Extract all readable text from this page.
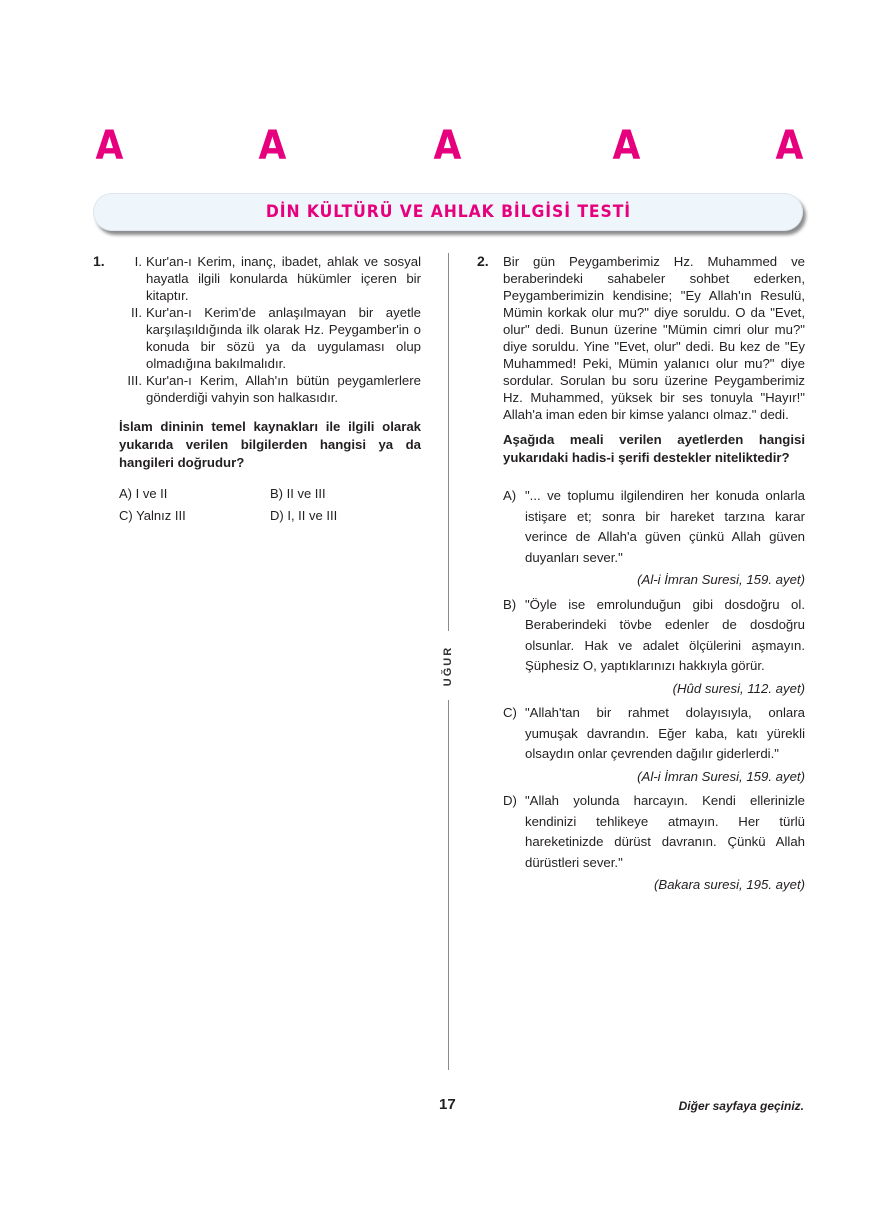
A	A	A	A	A
DİN KÜLTÜRÜ VE AHLAK BİLGİSİ TESTİ
UĞUR
1.	I. Kur'an-ı Kerim, inanç, ibadet, ahlak ve sosyal hayatla ilgili konularda hükümler içeren bir kitaptır.
II. Kur'an-ı Kerim'de anlaşılmayan bir ayetle karşılaşıldığında ilk olarak Hz. Peygamber'in o konuda bir sözü ya da uygulaması olup olmadığına bakılmalıdır.
III. Kur'an-ı Kerim, Allah'ın bütün peygamlerlere gönderdiği vahyin son halkasıdır.
İslam dininin temel kaynakları ile ilgili olarak yukarıda verilen bilgilerden hangisi ya da hangileri doğrudur?
A) I ve II	B) II ve III
C) Yalnız III	D) I, II ve III
2. Bir gün Peygamberimiz Hz. Muhammed ve beraberindeki sahabeler sohbet ederken, Peygamberimizin kendisine; "Ey Allah'ın Resulü, Mümin korkak olur mu?" diye soruldu. O da "Evet, olur" dedi. Bunun üzerine "Mümin cimri olur mu?" diye soruldu. Yine "Evet, olur" dedi. Bu kez de "Ey Muhammed! Peki, Mümin yalanıcı olur mu?" diye sordular. Sorulan bu soru üzerine Peygamberimiz Hz. Muhammed, yüksek bir ses tonuyla "Hayır!" Allah'a iman eden bir kimse yalancı olmaz." dedi.
Aşağıda meali verilen ayetlerden hangisi yukarıdaki hadis-i şerifi destekler niteliktedir?
A) "... ve toplumu ilgilendiren her konuda onlarla istişare et; sonra bir hareket tarzına karar verince de Allah'a güven çünkü Allah güven duyanları sever."
(Al-i İmran Suresi, 159. ayet)
B) "Öyle ise emrolunduğun gibi dosdoğru ol. Beraberindeki tövbe edenler de dosdoğru olsunlar. Hak ve adalet ölçülerini aşmayın. Şüphesiz O, yaptıklarınızı hakkıyla görür.
(Hûd suresi, 112. ayet)
C) "Allah'tan bir rahmet dolayısıyla, onlara yumuşak davrandın. Eğer kaba, katı yürekli olsaydın onlar çevrenden dağılır giderlerdi."
(Al-i İmran Suresi, 159. ayet)
D) "Allah yolunda harcayın. Kendi ellerinizle kendinizi tehlikeye atmayın. Her türlü hareketinizde dürüst davranın. Çünkü Allah dürüstleri sever."
(Bakara suresi, 195. ayet)
17	Diğer sayfaya geçiniz.
